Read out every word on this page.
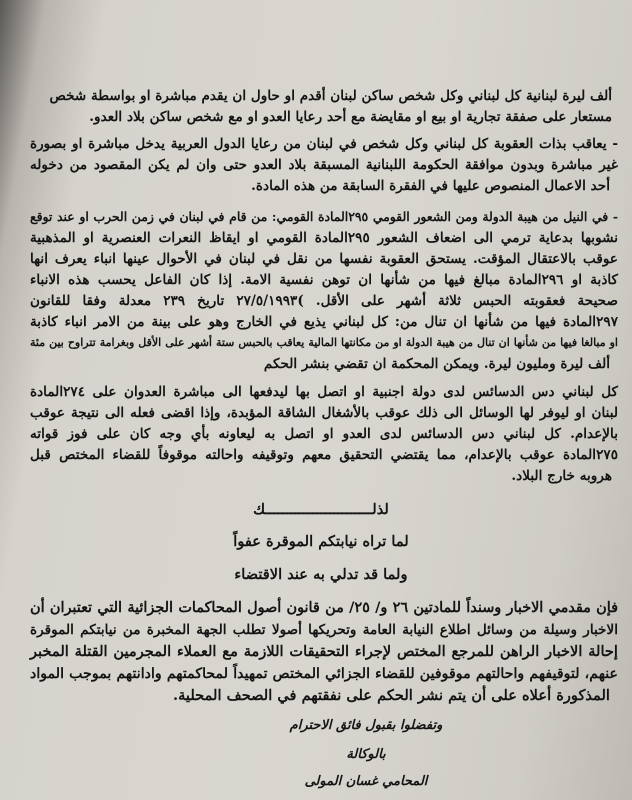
ألف ليرة لبنانية كل لبناني وكل شخص ساكن لبنان أقدم او حاول ان يقدم مباشرة او بواسطة شخص
مستعار على صفقة تجارية او بيع او مقايضة مع أحد رعايا العدو او مع شخص ساكن بلاد العدو.
- يعاقب بذات العقوبة كل لبناني وكل شخص في لبنان من رعايا الدول العربية يدخل مباشرة او بصورة
غير مباشرة وبدون موافقة الحكومة اللبنانية المسبقة بلاد العدو حتى وان لم يكن المقصود من دخوله
أحد الاعمال المنصوص عليها في الفقرة السابقة من هذه المادة.
- في النيل من هيبة الدولة ومن الشعور القومي ٢٩٥المادة القومي: من قام في لبنان في زمن الحرب او عند توقع
نشوبها بدعاية ترمي الى اضعاف الشعور ٢٩٥المادة القومي او ايقاظ النعرات العنصرية او المذهبية
عوقب بالاعتقال المؤقت. يستحق العقوبة نفسها من نقل في لبنان في الأحوال عينها انباء يعرف انها
كاذبة او ٢٩٦المادة مبالغ فيها من شأنها ان توهن نفسية الامة. إذا كان الفاعل يحسب هذه الانباء
صحيحة فعقوبته الحبس ثلاثة أشهر على الأقل. )٢٧/٥/١٩٩٣ تاريخ ٢٣٩ معدلة وفقا للقانون
٢٩٧المادة فيها من شأنها ان تنال من: كل لبناني يذيع في الخارج وهو على بينة من الامر انباء كاذبة
او مبالغا فيها من شأنها ان تنال من هيبة الدولة او من مكانتها المالية يعاقب بالحبس ستة أشهر على الأقل وبغرامة تتراوح بين مئة
ألف ليرة ومليون ليرة. ويمكن المحكمة ان تقضي بنشر الحكم
كل لبناني دس الدسائس لدى دولة اجنبية او اتصل بها ليدفعها الى مباشرة العدوان على ٢٧٤المادة
لبنان او ليوفر لها الوسائل الى ذلك عوقب بالأشغال الشاقة المؤبدة، وإذا اقضى فعله الى نتيجة عوقب
بالإعدام. كل لبناني دس الدسائس لدى العدو او اتصل به ليعاونه بأي وجه كان على فوز قواته
٢٧٥المادة عوقب بالإعدام، مما يقتضي التحقيق معهم وتوقيفه واحالته موقوفاً للقضاء المختص قبل
هروبه خارج البلاد.
لذلـــــــــــــــــــــــــك
لما تراه نيابتكم الموقرة عفواً
ولما قد تدلي به عند الاقتضاء
فإن مقدمي الاخبار وسنداً للمادتين ٢٦ و/ ٢٥/ من قانون أصول المحاكمات الجزائية التي تعتبران أن
الاخبار وسيلة من وسائل اطلاع النيابة العامة وتحريكها أصولا تطلب الجهة المخبرة من نيابتكم الموقرة
إحالة الاخبار الراهن للمرجع المختص لإجراء التحقيقات اللازمة مع العملاء المجرمين القتلة المخبر
عنهم، لتوقيفهم واحالتهم موقوفين للقضاء الجزائي المختص تمهيداً لمحاكمتهم وادانتهم بموجب المواد
المذكورة أعلاه على أن يتم نشر الحكم على نفقتهم في الصحف المحلية.
وتفضلوا بقبول فائق الاحترام
بالوكالة
المحامي غسان المولى
